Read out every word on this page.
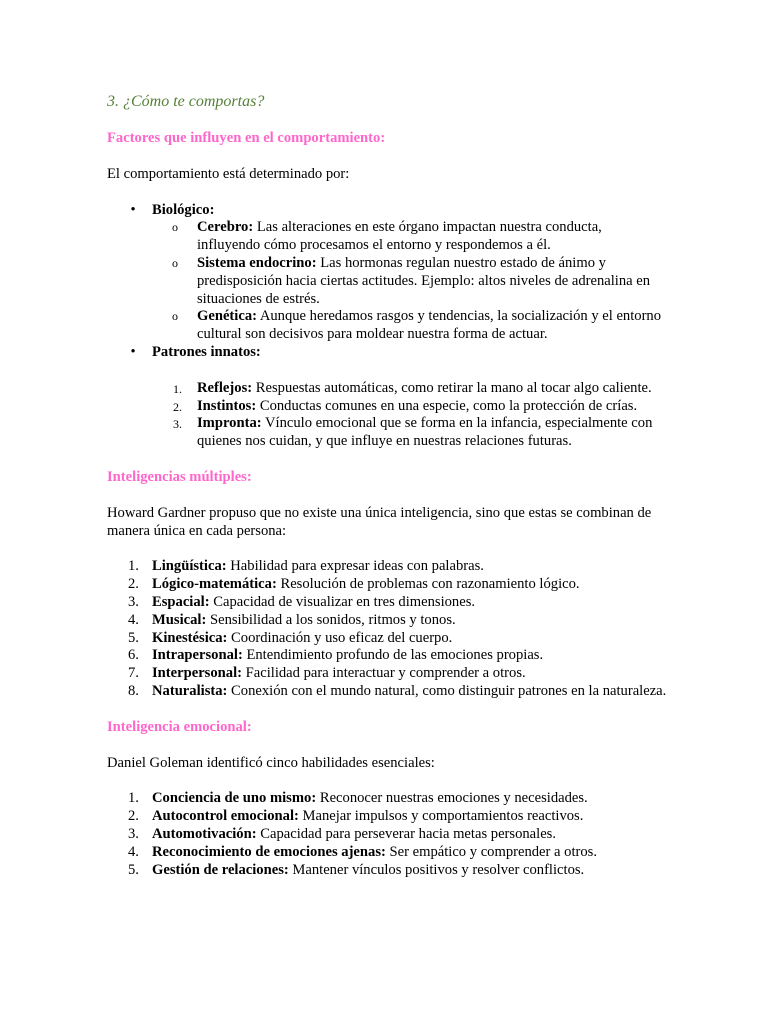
3. ¿Cómo te comportas?
Factores que influyen en el comportamiento:

El comportamiento está determinado por:

• Biológico:
o Cerebro: Las alteraciones en este órgano impactan nuestra conducta, influyendo cómo procesamos el entorno y respondemos a él.
o Sistema endocrino: Las hormonas regulan nuestro estado de ánimo y predisposición hacia ciertas actitudes. Ejemplo: altos niveles de adrenalina en situaciones de estrés.
o Genética: Aunque heredamos rasgos y tendencias, la socialización y el entorno cultural son decisivos para moldear nuestra forma de actuar.
• Patrones innatos:
1. Reflejos: Respuestas automáticas, como retirar la mano al tocar algo caliente.
2. Instintos: Conductas comunes en una especie, como la protección de crías.
3. Impronta: Vínculo emocional que se forma en la infancia, especialmente con quienes nos cuidan, y que influye en nuestras relaciones futuras.
Inteligencias múltiples:

Howard Gardner propuso que no existe una única inteligencia, sino que estas se combinan de manera única en cada persona:

1. Lingüística: Habilidad para expresar ideas con palabras.
2. Lógico-matemática: Resolución de problemas con razonamiento lógico.
3. Espacial: Capacidad de visualizar en tres dimensiones.
4. Musical: Sensibilidad a los sonidos, ritmos y tonos.
5. Kinestésica: Coordinación y uso eficaz del cuerpo.
6. Intrapersonal: Entendimiento profundo de las emociones propias.
7. Interpersonal: Facilidad para interactuar y comprender a otros.
8. Naturalista: Conexión con el mundo natural, como distinguir patrones en la naturaleza.
Inteligencia emocional:

Daniel Goleman identificó cinco habilidades esenciales:

1. Conciencia de uno mismo: Reconocer nuestras emociones y necesidades.
2. Autocontrol emocional: Manejar impulsos y comportamientos reactivos.
3. Automotivación: Capacidad para perseverar hacia metas personales.
4. Reconocimiento de emociones ajenas: Ser empático y comprender a otros.
5. Gestión de relaciones: Mantener vínculos positivos y resolver conflictos.
